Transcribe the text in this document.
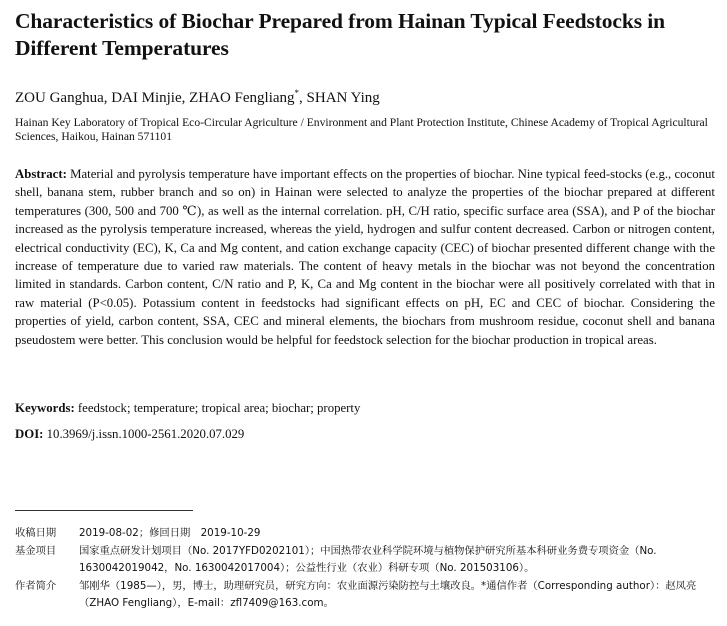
Characteristics of Biochar Prepared from Hainan Typical Feedstocks in Different Temperatures
ZOU Ganghua, DAI Minjie, ZHAO Fengliang*, SHAN Ying
Hainan Key Laboratory of Tropical Eco-Circular Agriculture / Environment and Plant Protection Institute, Chinese Academy of Tropical Agricultural Sciences, Haikou, Hainan 571101
Abstract: Material and pyrolysis temperature have important effects on the properties of biochar. Nine typical feed-stocks (e.g., coconut shell, banana stem, rubber branch and so on) in Hainan were selected to analyze the properties of the biochar prepared at different temperatures (300, 500 and 700 ℃), as well as the internal correlation. pH, C/H ratio, specific surface area (SSA), and P of the biochar increased as the pyrolysis temperature increased, whereas the yield, hydrogen and sulfur content decreased. Carbon or nitrogen content, electrical conductivity (EC), K, Ca and Mg content, and cation exchange capacity (CEC) of biochar presented different change with the increase of temperature due to varied raw materials. The content of heavy metals in the biochar was not beyond the concentration limited in standards. Carbon content, C/N ratio and P, K, Ca and Mg content in the biochar were all positively correlated with that in raw material (P<0.05). Potassium content in feedstocks had significant effects on pH, EC and CEC of biochar. Considering the properties of yield, carbon content, SSA, CEC and mineral elements, the biochars from mushroom residue, coconut shell and banana pseudostem were better. This conclusion would be helpful for feedstock selection for the biochar production in tropical areas.
Keywords: feedstock; temperature; tropical area; biochar; property
DOI: 10.3969/j.issn.1000-2561.2020.07.029
收稿日期	2019-08-02；修回日期　2019-10-29
基金项目	国家重点研发计划项目（No. 2017YFD0202101）；中国热带农业科学院环境与植物保护研究所基本科研业务费专项资金（No. 1630042019042，No. 1630042017004）；公益性行业（农业）科研专项（No. 201503106）。
作者简介	邹刚华（1985—），男，博士，助理研究员，研究方向：农业面源污染防控与土壤改良。*通信作者（Corresponding author）：赵凤亮（ZHAO Fengliang），E-mail：zfl7409@163.com。
